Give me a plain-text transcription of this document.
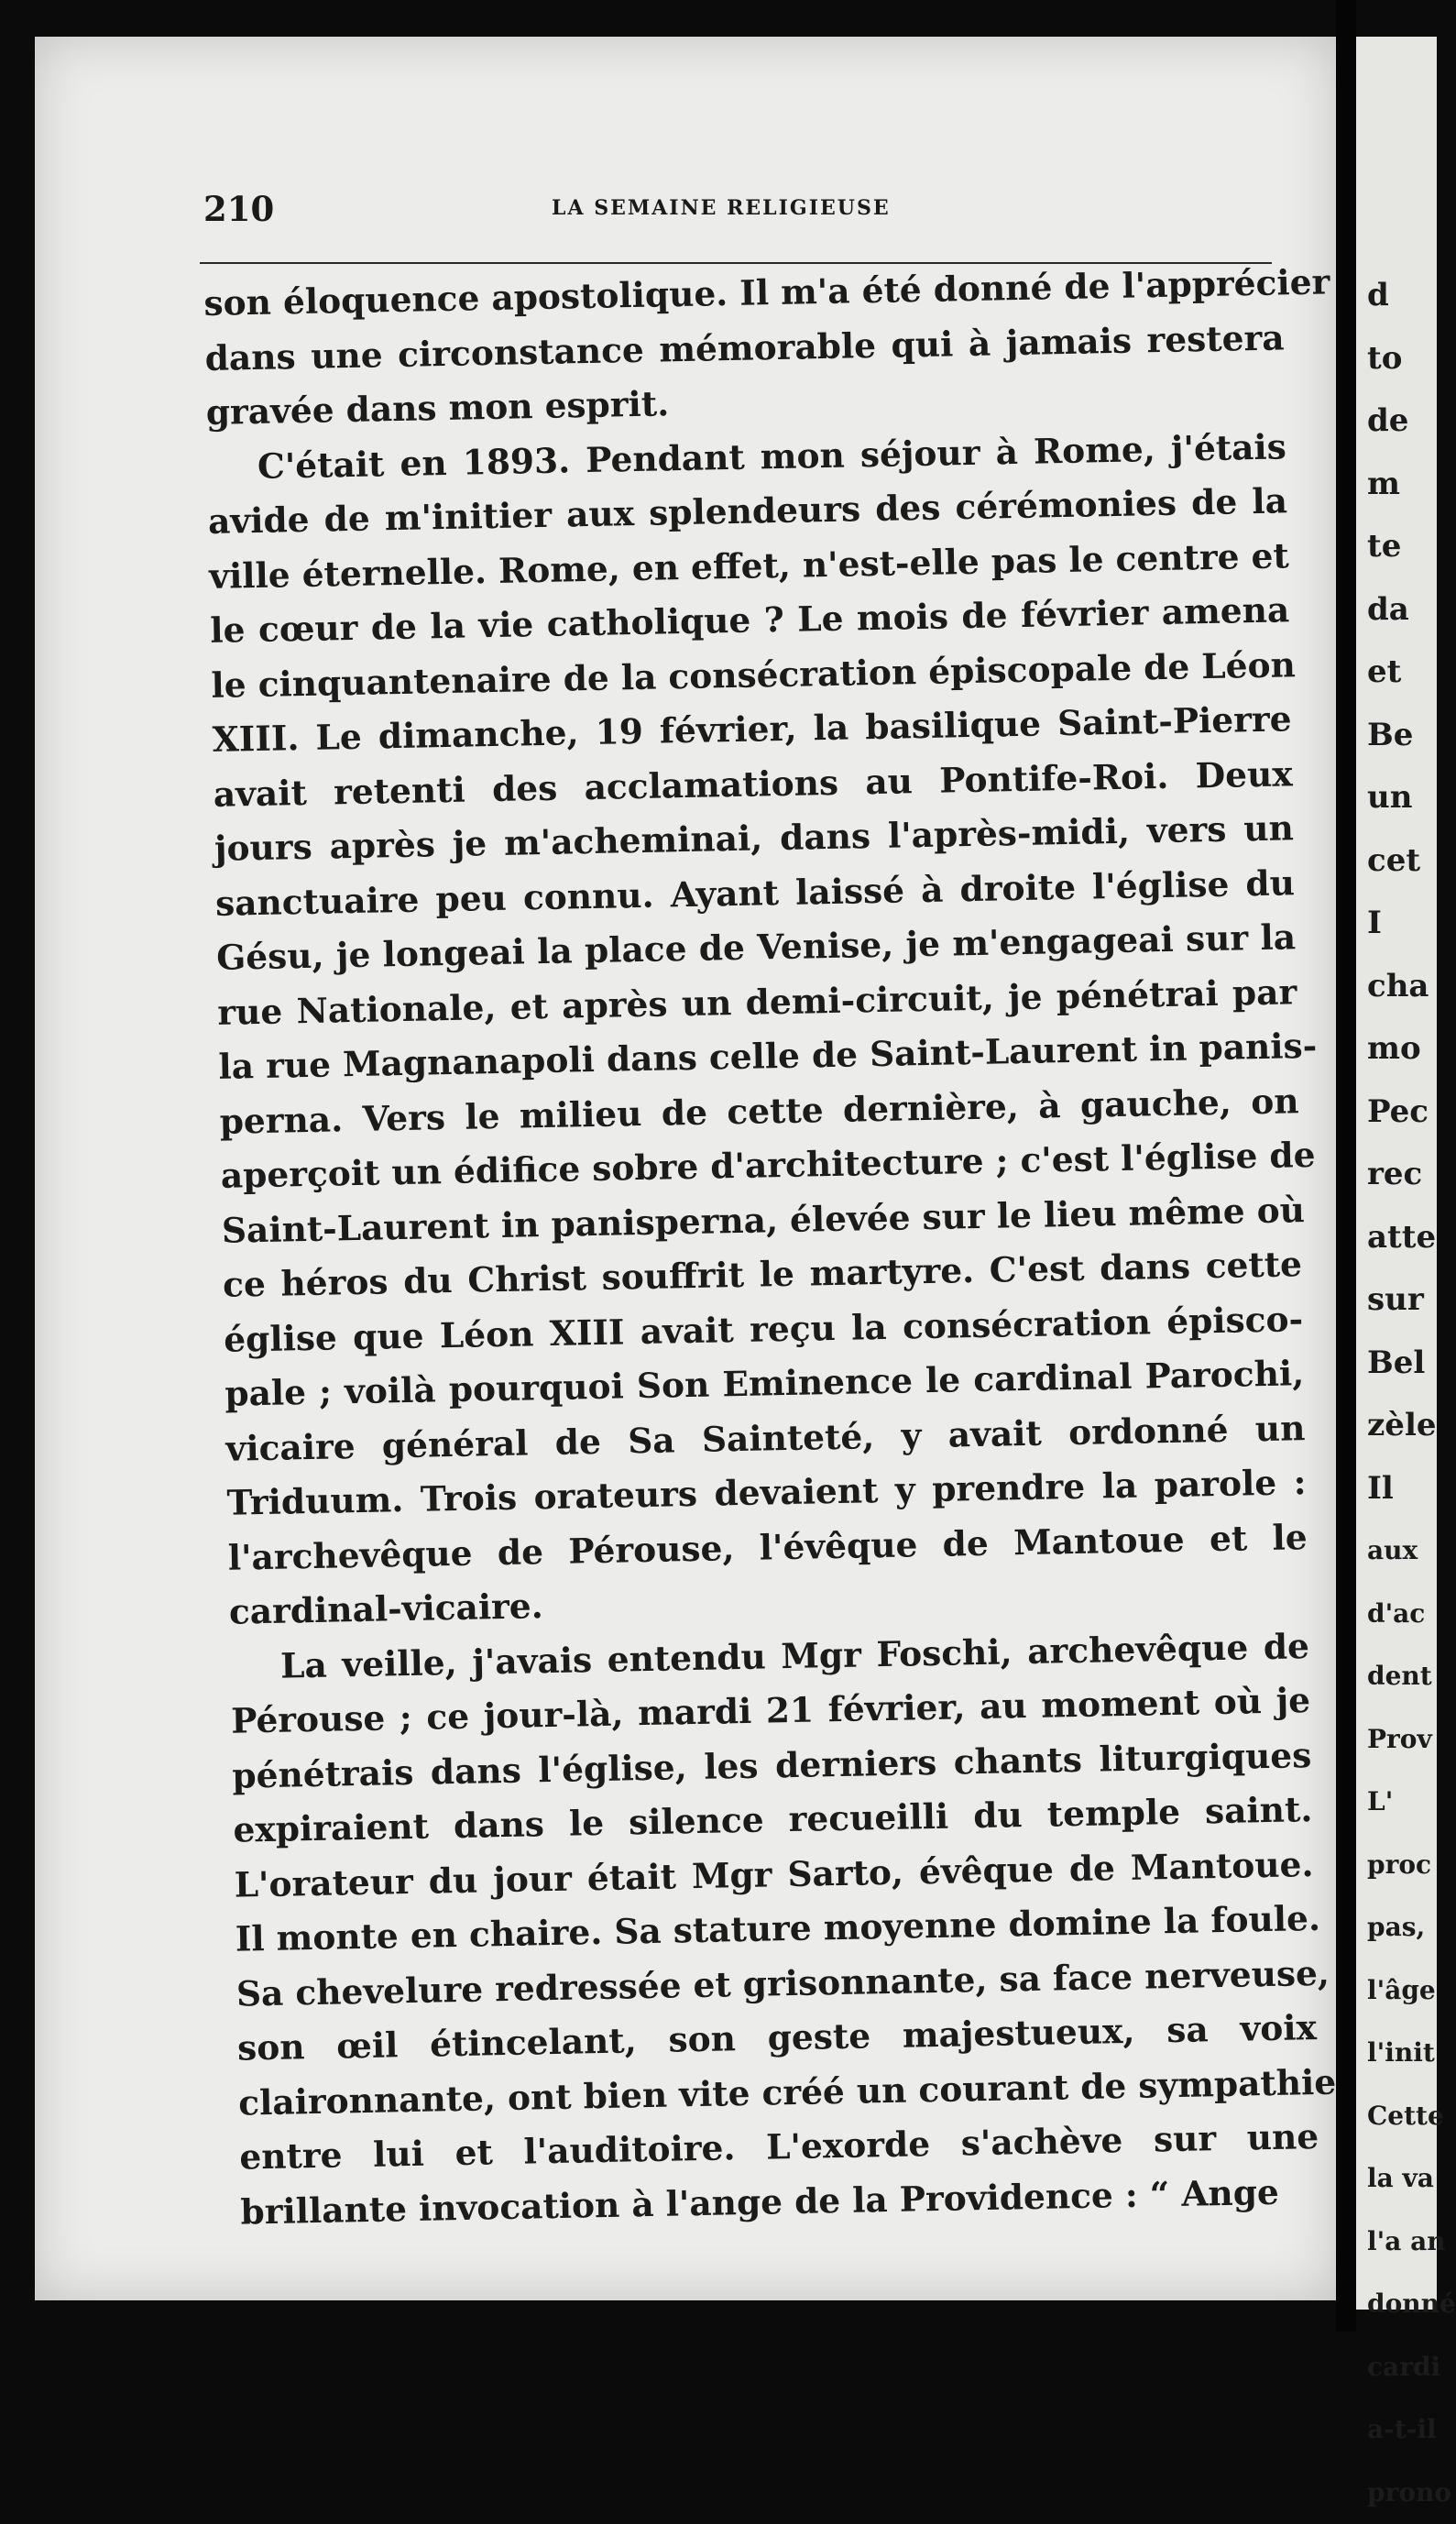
d
to
de
m
te
da
et
Be
un
cet
I
cha
mo
Pec
rec
atte
sur
Bel
zèle
Il
aux
d'ac
dent
Prov
L'
proc
pas,
l'âge
l'init
Cette
la va
l'a an
donné
cardi
a-t-il
prono
210	LA SEMAINE RELIGIEUSE
son éloquence apostolique. Il m'a été donné de l'apprécier
dans une circonstance mémorable qui à jamais restera
gravée dans mon esprit.
C'était en 1893. Pendant mon séjour à Rome, j'étais
avide de m'initier aux splendeurs des cérémonies de la
ville éternelle. Rome, en effet, n'est-elle pas le centre et
le cœur de la vie catholique ? Le mois de février amena
le cinquantenaire de la consécration épiscopale de Léon
XIII. Le dimanche, 19 février, la basilique Saint-Pierre
avait retenti des acclamations au Pontife-Roi. Deux
jours après je m'acheminai, dans l'après-midi, vers un
sanctuaire peu connu. Ayant laissé à droite l'église du
Gésu, je longeai la place de Venise, je m'engageai sur la
rue Nationale, et après un demi-circuit, je pénétrai par
la rue Magnanapoli dans celle de Saint-Laurent in panis-
perna. Vers le milieu de cette dernière, à gauche, on
aperçoit un édifice sobre d'architecture ; c'est l'église de
Saint-Laurent in panisperna, élevée sur le lieu même où
ce héros du Christ souffrit le martyre. C'est dans cette
église que Léon XIII avait reçu la consécration épisco-
pale ; voilà pourquoi Son Eminence le cardinal Parochi,
vicaire général de Sa Sainteté, y avait ordonné un
Triduum. Trois orateurs devaient y prendre la parole :
l'archevêque de Pérouse, l'évêque de Mantoue et le
cardinal-vicaire.
La veille, j'avais entendu Mgr Foschi, archevêque de
Pérouse ; ce jour-là, mardi 21 février, au moment où je
pénétrais dans l'église, les derniers chants liturgiques
expiraient dans le silence recueilli du temple saint.
L'orateur du jour était Mgr Sarto, évêque de Mantoue.
Il monte en chaire. Sa stature moyenne domine la foule.
Sa chevelure redressée et grisonnante, sa face nerveuse,
son œil étincelant, son geste majestueux, sa voix
claironnante, ont bien vite créé un courant de sympathie
entre lui et l'auditoire. L'exorde s'achève sur une
brillante invocation à l'ange de la Providence : “ Ange
